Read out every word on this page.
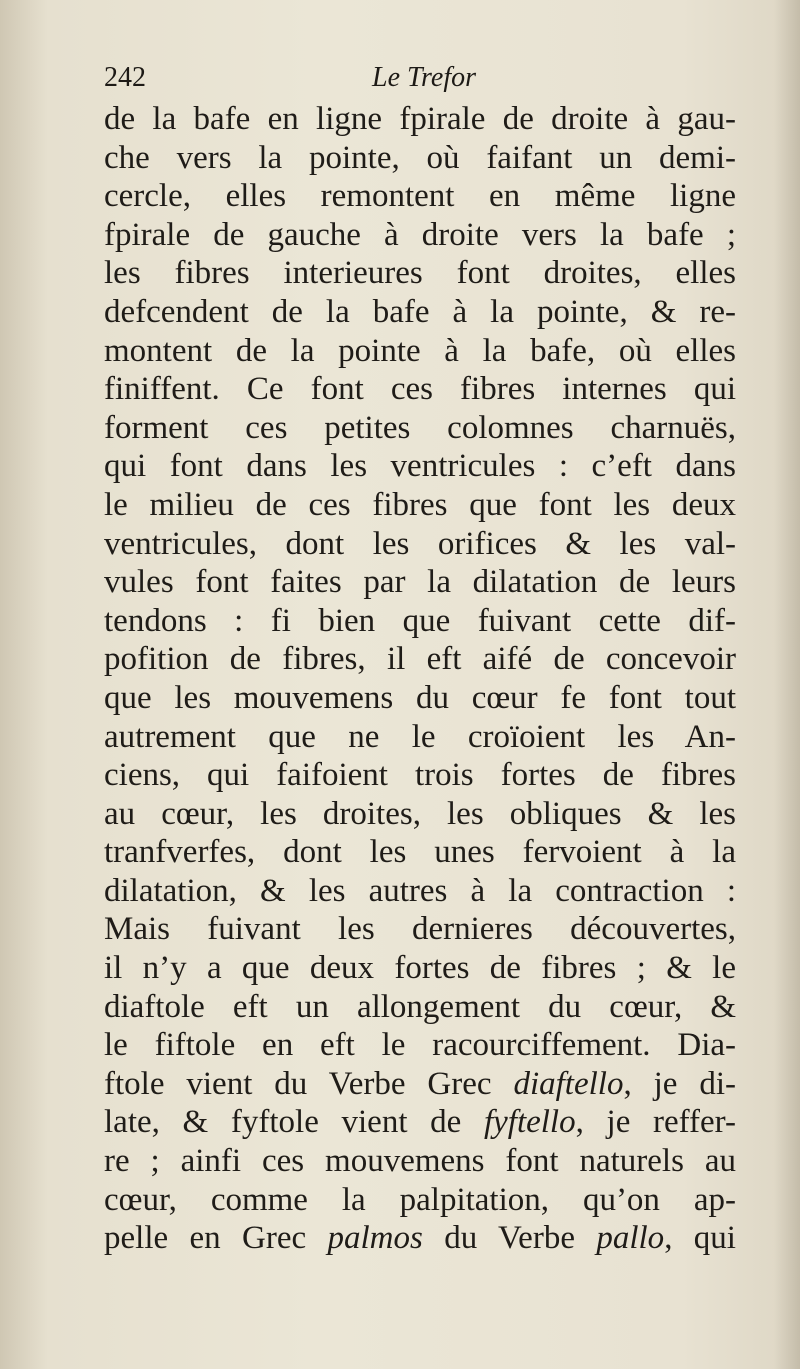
242	Le Trefor
de la bafe en ligne fpirale de droite à gau-
che vers la pointe, où faifant un demi-
cercle, elles remontent en même ligne
fpirale de gauche à droite vers la bafe ;
les fibres interieures font droites, elles
defcendent de la bafe à la pointe, & re-
montent de la pointe à la bafe, où elles
finiffent. Ce font ces fibres internes qui
forment ces petites colomnes charnuës,
qui font dans les ventricules : c’eft dans
le milieu de ces fibres que font les deux
ventricules, dont les orifices & les val-
vules font faites par la dilatation de leurs
tendons : fi bien que fuivant cette dif-
pofition de fibres, il eft aifé de concevoir
que les mouvemens du cœur fe font tout
autrement que ne le croïoient les An-
ciens, qui faifoient trois fortes de fibres
au cœur, les droites, les obliques & les
tranfverfes, dont les unes fervoient à la
dilatation, & les autres à la contraction :
Mais fuivant les dernieres découvertes,
il n’y a que deux fortes de fibres ; & le
diaftole eft un allongement du cœur, &
le fiftole en eft le racourciffement. Dia-
ftole vient du Verbe Grec diaftello, je di-
late, & fyftole vient de fyftello, je reffer-
re ; ainfi ces mouvemens font naturels au
cœur, comme la palpitation, qu’on ap-
pelle en Grec palmos du Verbe pallo, qui
